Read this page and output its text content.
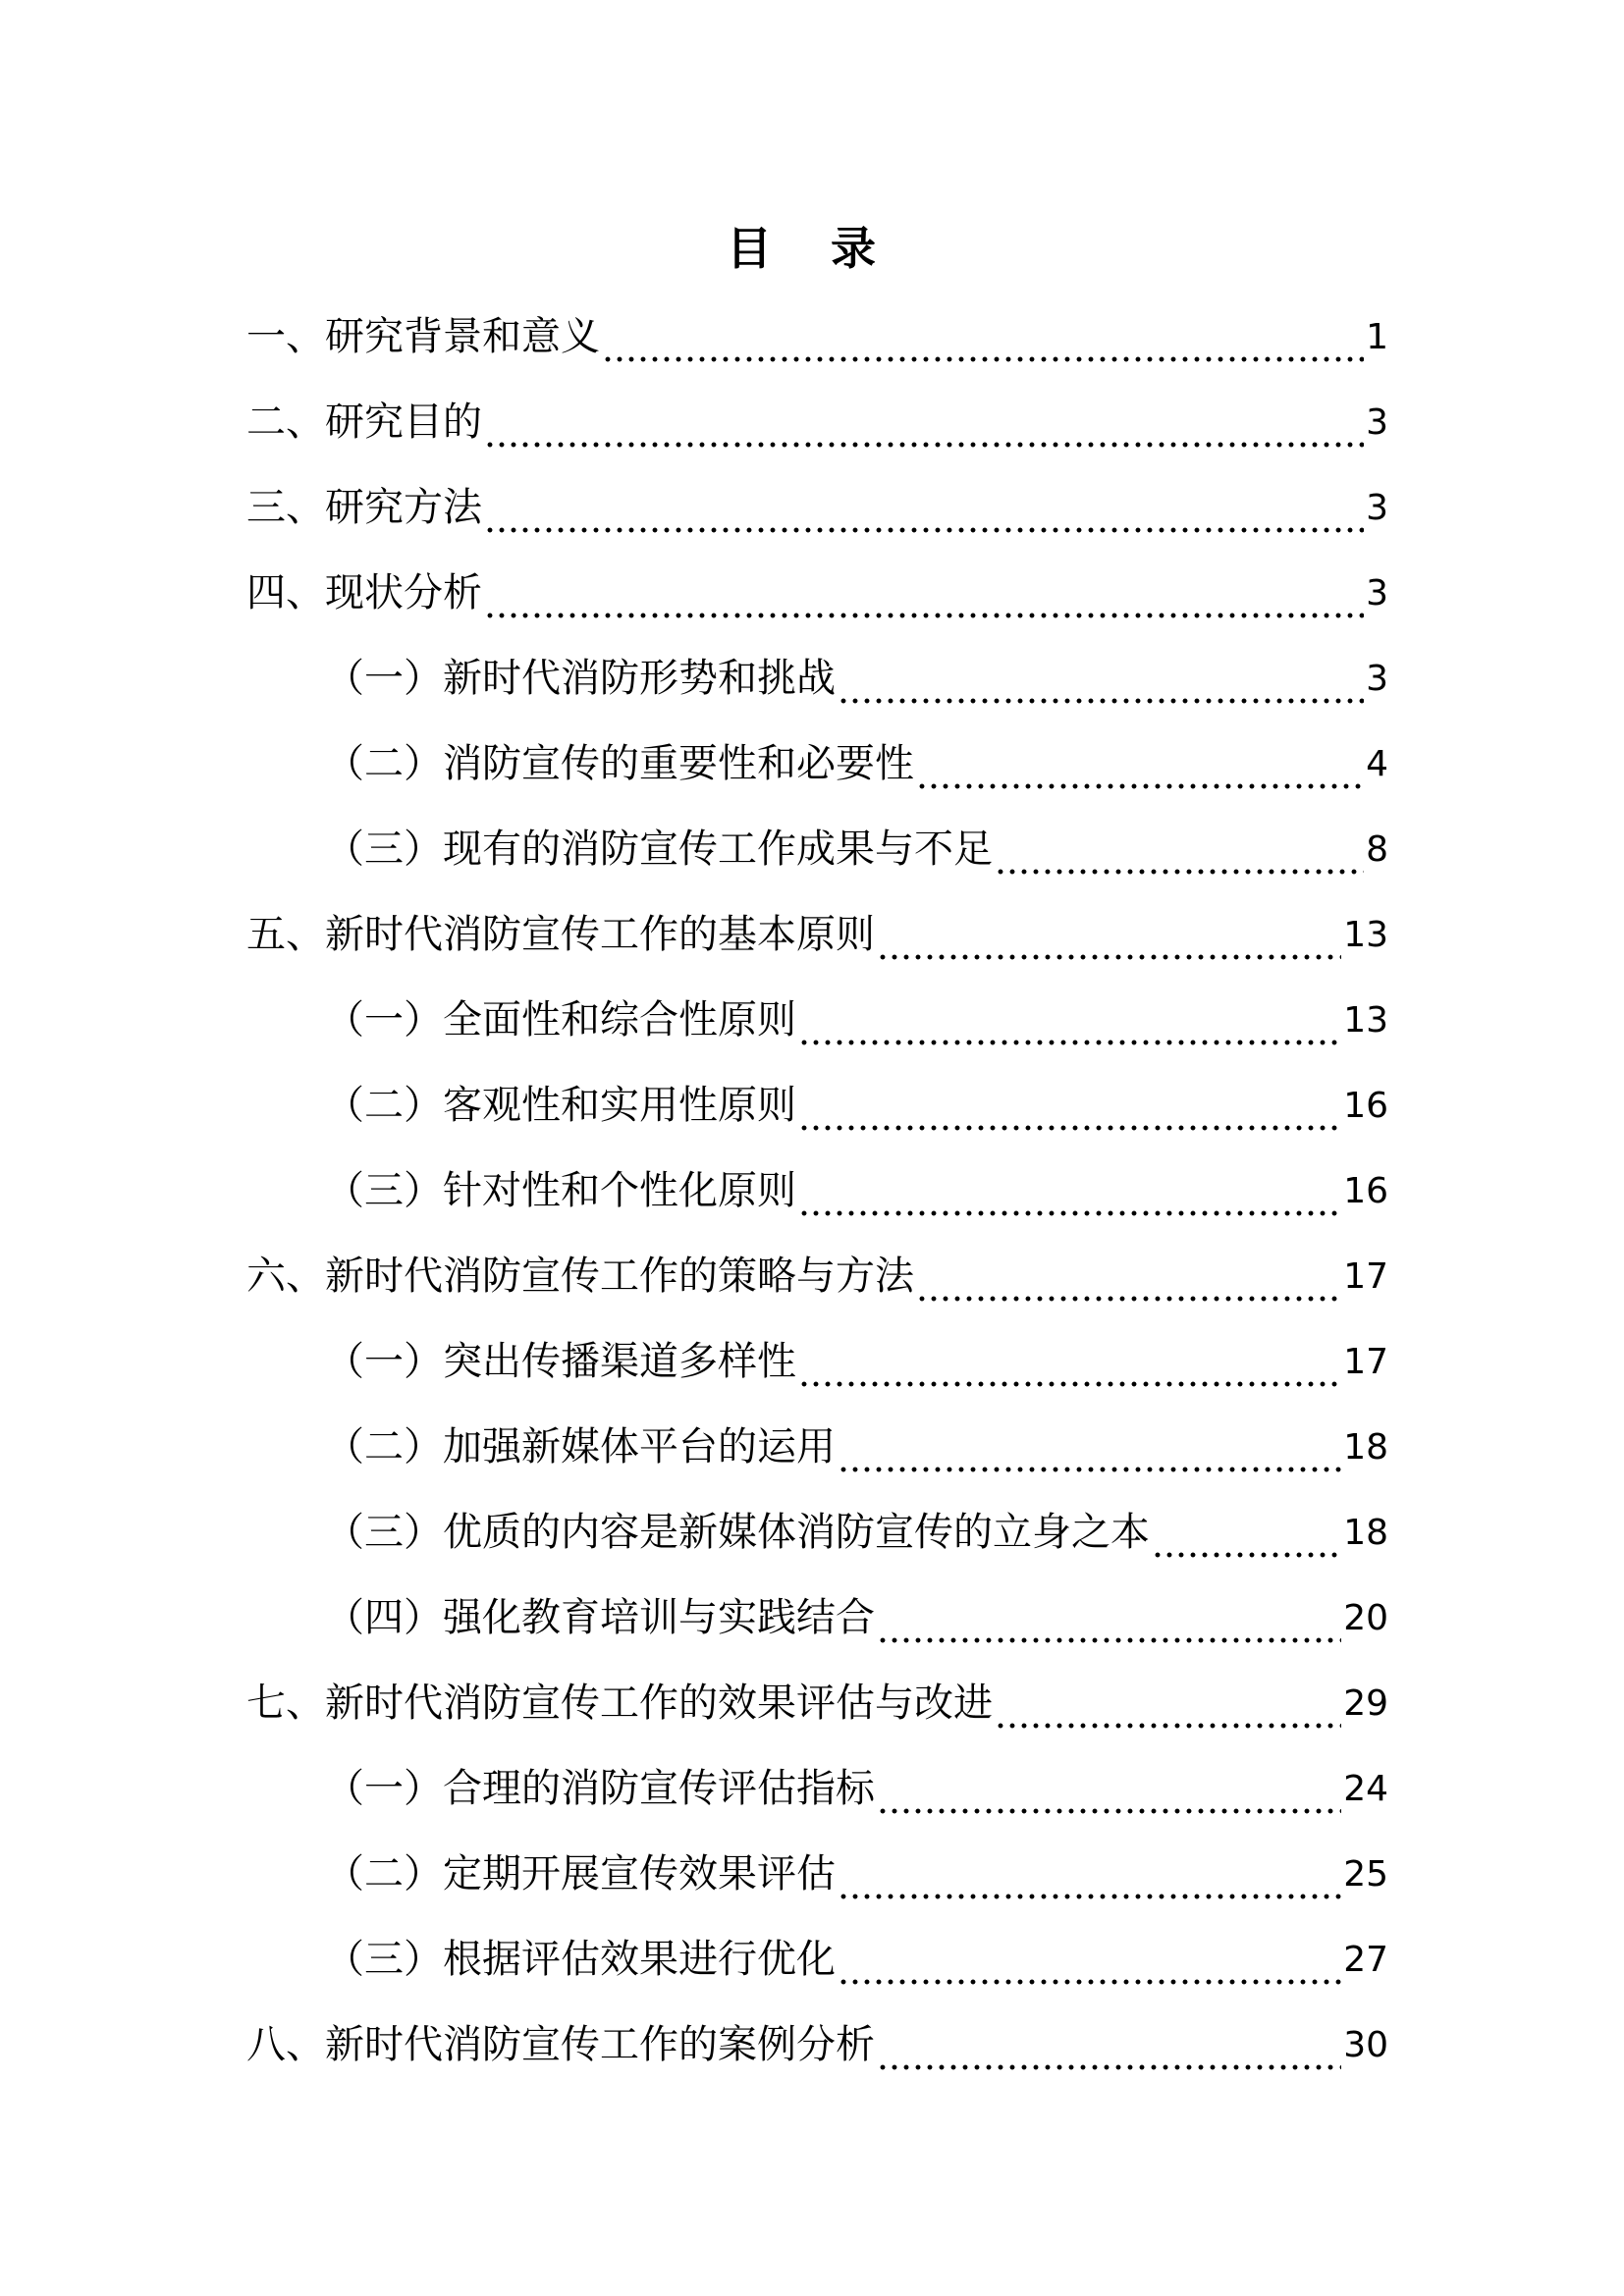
目 录
一、研究背景和意义	1
二、研究目的	3
三、研究方法	3
四、现状分析	3
（一）新时代消防形势和挑战	3
（二）消防宣传的重要性和必要性	4
（三）现有的消防宣传工作成果与不足	8
五、新时代消防宣传工作的基本原则	13
（一）全面性和综合性原则	13
（二）客观性和实用性原则	16
（三）针对性和个性化原则	16
六、新时代消防宣传工作的策略与方法	17
（一）突出传播渠道多样性	17
（二）加强新媒体平台的运用	18
（三）优质的内容是新媒体消防宣传的立身之本	18
（四）强化教育培训与实践结合	20
七、新时代消防宣传工作的效果评估与改进	29
（一）合理的消防宣传评估指标	24
（二）定期开展宣传效果评估	25
（三）根据评估效果进行优化	27
八、新时代消防宣传工作的案例分析	30
